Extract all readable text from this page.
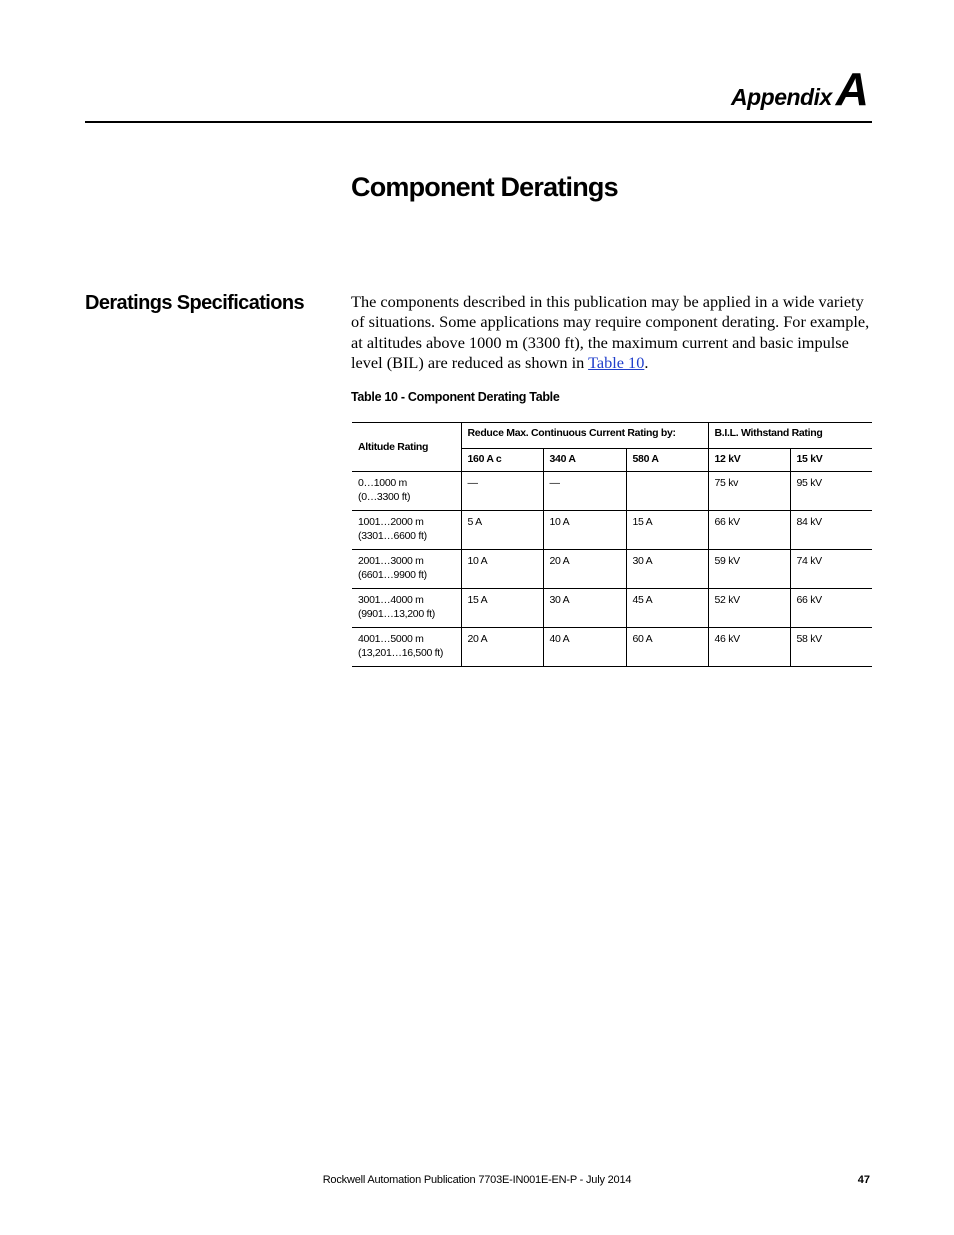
Appendix A
Component Deratings
Deratings Specifications	The components described in this publication may be applied in a wide variety of situations. Some applications may require component derating. For example, at altitudes above 1000 m (3300 ft), the maximum current and basic impulse level (BIL) are reduced as shown in Table 10.

Table 10 - Component Derating Table

Altitude Rating	Reduce Max. Continuous Current Rating by:			B.I.L. Withstand Rating	
	160 A c	340 A	580 A	12 kV	15 kV
0…1000 m
(0…3300 ft)	—	—		75 kv	95 kV
1001…2000 m
(3301…6600 ft)	5 A	10 A	15 A	66 kV	84 kV
2001…3000 m
(6601…9900 ft)	10 A	20 A	30 A	59 kV	74 kV
3001…4000 m
(9901…13,200 ft)	15 A	30 A	45 A	52 kV	66 kV
4001…5000 m
(13,201…16,500 ft)	20 A	40 A	60 A	46 kV	58 kV
Rockwell Automation Publication 7703E-IN001E-EN-P - July 2014	47
